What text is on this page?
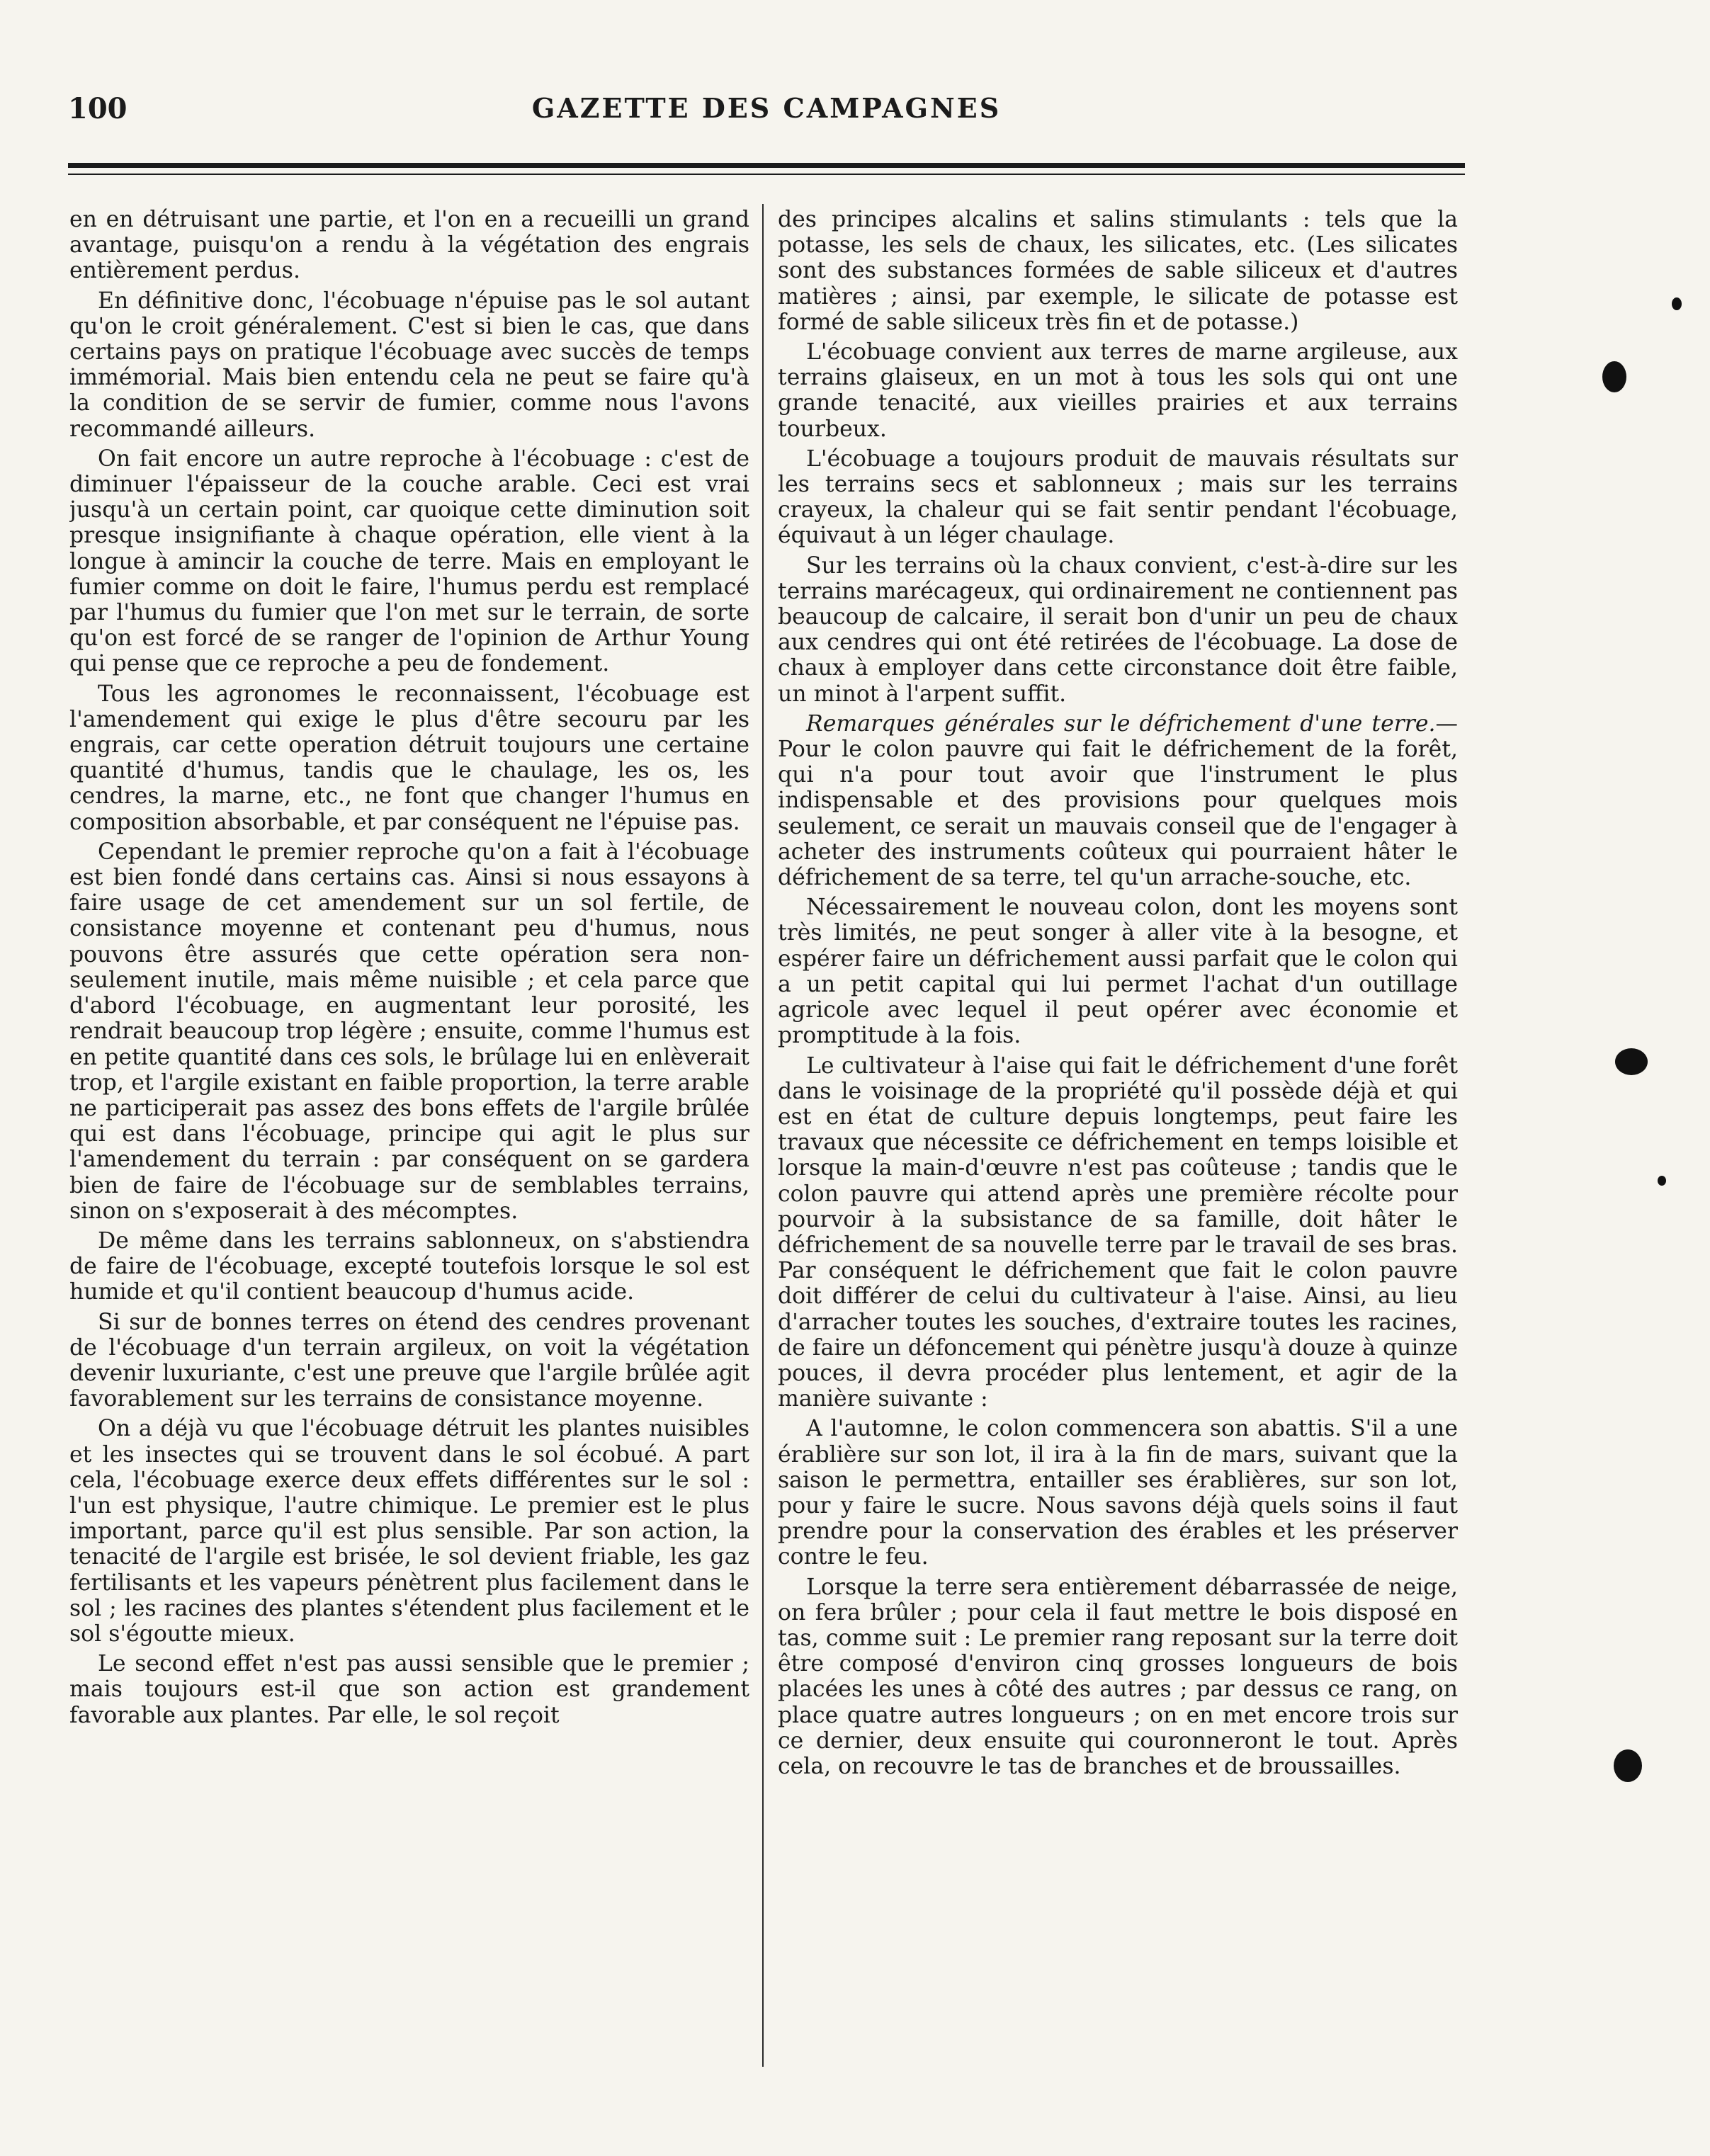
100	GAZETTE DES CAMPAGNES

en en détruisant une partie, et l'on en a recueilli un grand avantage, puisqu'on a rendu à la végétation des engrais entièrement perdus.

En définitive donc, l'écobuage n'épuise pas le sol autant qu'on le croit généralement. C'est si bien le cas, que dans certains pays on pratique l'écobuage avec succès de temps immémorial. Mais bien entendu cela ne peut se faire qu'à la condition de se servir de fumier, comme nous l'avons recommandé ailleurs.

On fait encore un autre reproche à l'écobuage : c'est de diminuer l'épaisseur de la couche arable. Ceci est vrai jusqu'à un certain point, car quoique cette diminution soit presque insignifiante à chaque opération, elle vient à la longue à amincir la couche de terre. Mais en employant le fumier comme on doit le faire, l'humus perdu est remplacé par l'humus du fumier que l'on met sur le terrain, de sorte qu'on est forcé de se ranger de l'opinion de Arthur Young qui pense que ce reproche a peu de fondement.

Tous les agronomes le reconnaissent, l'écobuage est l'amendement qui exige le plus d'être secouru par les engrais, car cette operation détruit toujours une certaine quantité d'humus, tandis que le chaulage, les os, les cendres, la marne, etc., ne font que changer l'humus en composition absorbable, et par conséquent ne l'épuise pas.

Cependant le premier reproche qu'on a fait à l'écobuage est bien fondé dans certains cas. Ainsi si nous essayons à faire usage de cet amendement sur un sol fertile, de consistance moyenne et contenant peu d'humus, nous pouvons être assurés que cette opération sera non-seulement inutile, mais même nuisible ; et cela parce que d'abord l'écobuage, en augmentant leur porosité, les rendrait beaucoup trop légère ; ensuite, comme l'humus est en petite quantité dans ces sols, le brûlage lui en enlèverait trop, et l'argile existant en faible proportion, la terre arable ne participerait pas assez des bons effets de l'argile brûlée qui est dans l'écobuage, principe qui agit le plus sur l'amendement du terrain : par conséquent on se gardera bien de faire de l'écobuage sur de semblables terrains, sinon on s'exposerait à des mécomptes.

De même dans les terrains sablonneux, on s'abstiendra de faire de l'écobuage, excepté toutefois lorsque le sol est humide et qu'il contient beaucoup d'humus acide.

Si sur de bonnes terres on étend des cendres provenant de l'écobuage d'un terrain argileux, on voit la végétation devenir luxuriante, c'est une preuve que l'argile brûlée agit favorablement sur les terrains de consistance moyenne.

On a déjà vu que l'écobuage détruit les plantes nuisibles et les insectes qui se trouvent dans le sol écobué. A part cela, l'écobuage exerce deux effets différentes sur le sol : l'un est physique, l'autre chimique. Le premier est le plus important, parce qu'il est plus sensible. Par son action, la tenacité de l'argile est brisée, le sol devient friable, les gaz fertilisants et les vapeurs pénètrent plus facilement dans le sol ; les racines des plantes s'étendent plus facilement et le sol s'égoutte mieux.

Le second effet n'est pas aussi sensible que le premier ; mais toujours est-il que son action est grandement favorable aux plantes. Par elle, le sol reçoit

des principes alcalins et salins stimulants : tels que la potasse, les sels de chaux, les silicates, etc. (Les silicates sont des substances formées de sable siliceux et d'autres matières ; ainsi, par exemple, le silicate de potasse est formé de sable siliceux très fin et de potasse.)

L'écobuage convient aux terres de marne argileuse, aux terrains glaiseux, en un mot à tous les sols qui ont une grande tenacité, aux vieilles prairies et aux terrains tourbeux.

L'écobuage a toujours produit de mauvais résultats sur les terrains secs et sablonneux ; mais sur les terrains crayeux, la chaleur qui se fait sentir pendant l'écobuage, équivaut à un léger chaulage.

Sur les terrains où la chaux convient, c'est-à-dire sur les terrains marécageux, qui ordinairement ne contiennent pas beaucoup de calcaire, il serait bon d'unir un peu de chaux aux cendres qui ont été retirées de l'écobuage. La dose de chaux à employer dans cette circonstance doit être faible, un minot à l'arpent suffit.

Remarques générales sur le défrichement d'une terre.—Pour le colon pauvre qui fait le défrichement de la forêt, qui n'a pour tout avoir que l'instrument le plus indispensable et des provisions pour quelques mois seulement, ce serait un mauvais conseil que de l'engager à acheter des instruments coûteux qui pourraient hâter le défrichement de sa terre, tel qu'un arrache-souche, etc.

Nécessairement le nouveau colon, dont les moyens sont très limités, ne peut songer à aller vite à la besogne, et espérer faire un défrichement aussi parfait que le colon qui a un petit capital qui lui permet l'achat d'un outillage agricole avec lequel il peut opérer avec économie et promptitude à la fois.

Le cultivateur à l'aise qui fait le défrichement d'une forêt dans le voisinage de la propriété qu'il possède déjà et qui est en état de culture depuis longtemps, peut faire les travaux que nécessite ce défrichement en temps loisible et lorsque la main-d'œuvre n'est pas coûteuse ; tandis que le colon pauvre qui attend après une première récolte pour pourvoir à la subsistance de sa famille, doit hâter le défrichement de sa nouvelle terre par le travail de ses bras. Par conséquent le défrichement que fait le colon pauvre doit différer de celui du cultivateur à l'aise. Ainsi, au lieu d'arracher toutes les souches, d'extraire toutes les racines, de faire un défoncement qui pénètre jusqu'à douze à quinze pouces, il devra procéder plus lentement, et agir de la manière suivante :

A l'automne, le colon commencera son abattis. S'il a une érablière sur son lot, il ira à la fin de mars, suivant que la saison le permettra, entailler ses érablières, sur son lot, pour y faire le sucre. Nous savons déjà quels soins il faut prendre pour la conservation des érables et les préserver contre le feu.

Lorsque la terre sera entièrement débarrassée de neige, on fera brûler ; pour cela il faut mettre le bois disposé en tas, comme suit : Le premier rang reposant sur la terre doit être composé d'environ cinq grosses longueurs de bois placées les unes à côté des autres ; par dessus ce rang, on place quatre autres longueurs ; on en met encore trois sur ce dernier, deux ensuite qui couronneront le tout. Après cela, on recouvre le tas de branches et de broussailles.
